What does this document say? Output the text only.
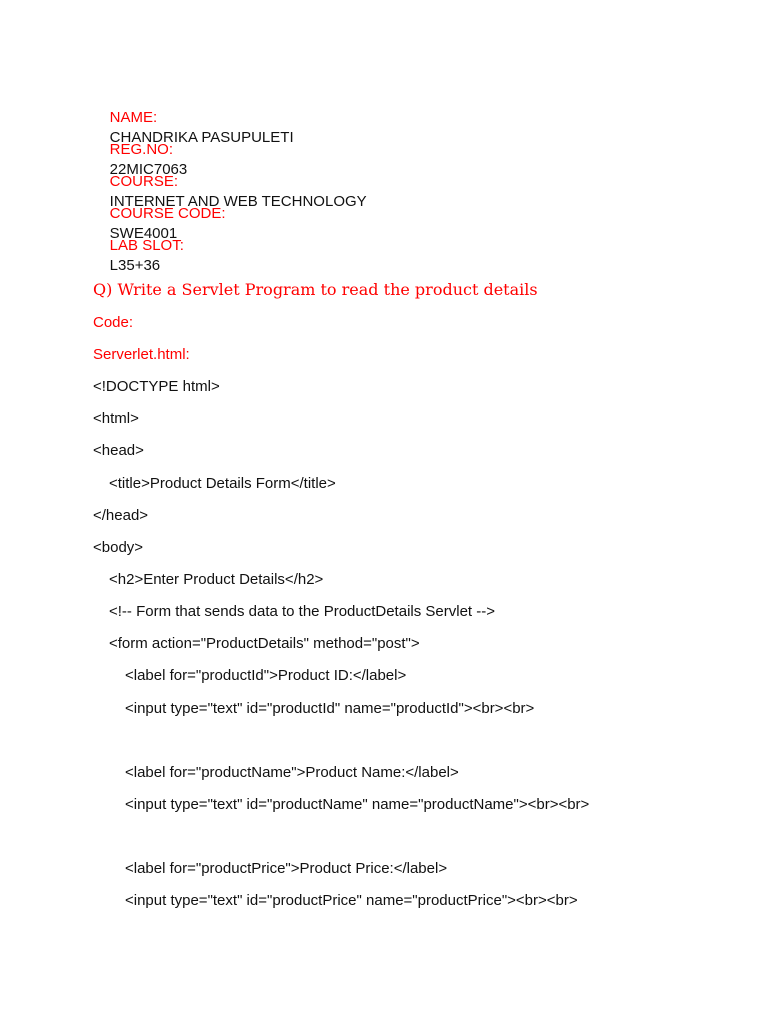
NAME:
CHANDRIKA PASUPULETI

REG.NO:
22MIC7063

COURSE:
INTERNET AND WEB TECHNOLOGY

COURSE CODE:
SWE4001

LAB SLOT:
L35+36

Q) Write a Servlet Program to read the product details
Code:
Serverlet.html:
<!DOCTYPE html>
<html>
<head>
<title>Product Details Form</title>
</head>
<body>
<h2>Enter Product Details</h2>
<!-- Form that sends data to the ProductDetails Servlet -->
<form action="ProductDetails" method="post">
<label for="productId">Product ID:</label>
<input type="text" id="productId" name="productId"><br><br>
<label for="productName">Product Name:</label>
<input type="text" id="productName" name="productName"><br><br>
<label for="productPrice">Product Price:</label>
<input type="text" id="productPrice" name="productPrice"><br><br>
